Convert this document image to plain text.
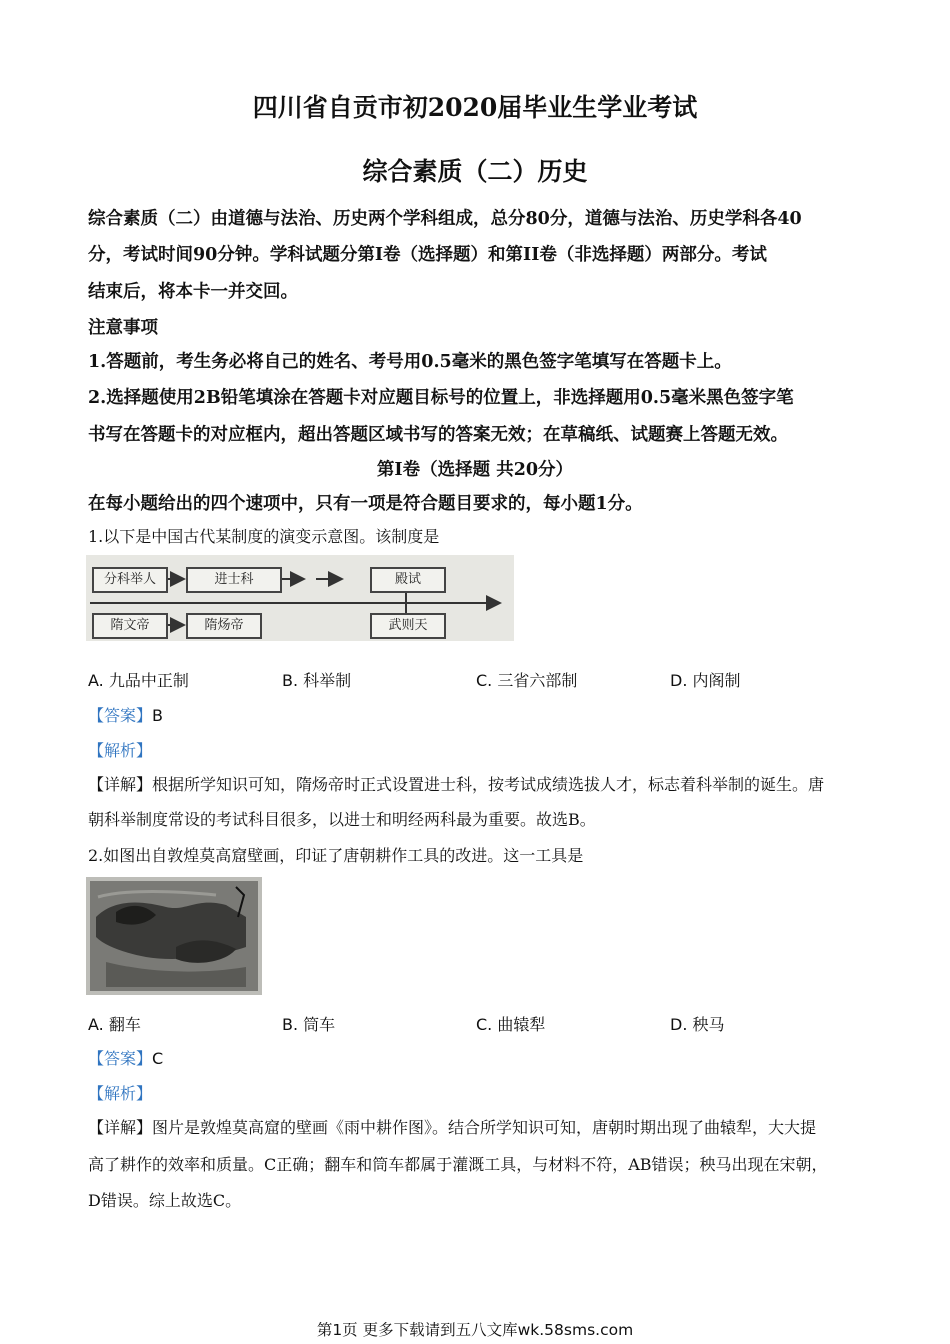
四川省自贡市初2020届毕业生学业考试
综合素质（二）历史
综合素质（二）由道德与法治、历史两个学科组成，总分80分，道德与法治、历史学科各40
分，考试时间90分钟。学科试题分第I卷（选择题）和第II卷（非选择题）两部分。考试
结束后，将本卡一并交回。
注意事项
1.答题前，考生务必将自己的姓名、考号用0.5毫米的黑色签字笔填写在答题卡上。
2.选择题使用2B铅笔填涂在答题卡对应题目标号的位置上，非选择题用0.5毫米黑色签字笔
书写在答题卡的对应框内，超出答题区域书写的答案无效；在草稿纸、试题赛上答题无效。
第I卷（选择题 共20分）
在每小题给出的四个速项中，只有一项是符合题目要求的，每小题1分。
1.以下是中国古代某制度的演变示意图。该制度是
分科举人	进士科	殿试
隋文帝	隋炀帝	武则天
A. 九品中正制	B. 科举制	C. 三省六部制	D. 内阁制
【答案】B
【解析】
【详解】根据所学知识可知，隋炀帝时正式设置进士科，按考试成绩选拔人才，标志着科举制的诞生。唐
朝科举制度常设的考试科目很多，以进士和明经两科最为重要。故选B。
2.如图出自敦煌莫高窟壁画，印证了唐朝耕作工具的改进。这一工具是
A. 翻车	B. 筒车	C. 曲辕犁	D. 秧马
【答案】C
【解析】
【详解】图片是敦煌莫高窟的壁画《雨中耕作图》。结合所学知识可知，唐朝时期出现了曲辕犁，大大提
高了耕作的效率和质量。C正确；翻车和筒车都属于灌溉工具，与材料不符，AB错误；秧马出现在宋朝，
D错误。综上故选C。
第1页 更多下载请到五八文库wk.58sms.com
